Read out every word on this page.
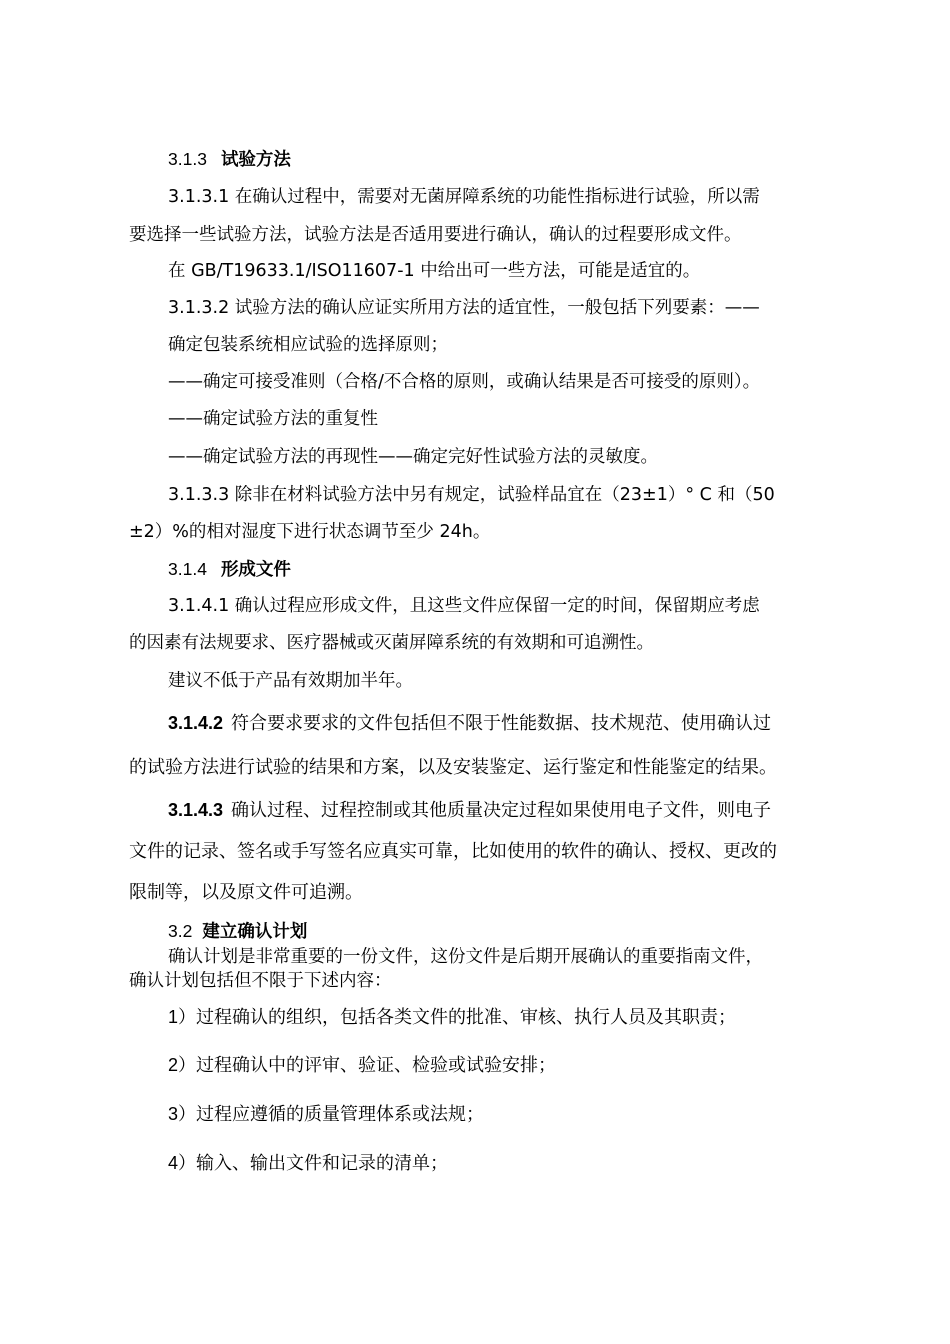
3.1.3 试验方法
3.1.3.1 在确认过程中，需要对无菌屏障系统的功能性指标进行试验，所以需
要选择一些试验方法，试验方法是否适用要进行确认，确认的过程要形成文件。
在 GB/T19633.1/ISO11607-1 中给出可一些方法，可能是适宜的。
3.1.3.2 试验方法的确认应证实所用方法的适宜性，一般包括下列要素：——
确定包装系统相应试验的选择原则；
——确定可接受准则（合格/不合格的原则，或确认结果是否可接受的原则）。
——确定试验方法的重复性
——确定试验方法的再现性——确定完好性试验方法的灵敏度。
3.1.3.3 除非在材料试验方法中另有规定，试验样品宜在（23±1）° C 和（50
±2）%的相对湿度下进行状态调节至少 24h。
3.1.4 形成文件
3.1.4.1 确认过程应形成文件，且这些文件应保留一定的时间，保留期应考虑
的因素有法规要求、医疗器械或灭菌屏障系统的有效期和可追溯性。
建议不低于产品有效期加半年。
3.1.4.2 符合要求要求的文件包括但不限于性能数据、技术规范、使用确认过
的试验方法进行试验的结果和方案，以及安装鉴定、运行鉴定和性能鉴定的结果。
3.1.4.3 确认过程、过程控制或其他质量决定过程如果使用电子文件，则电子
文件的记录、签名或手写签名应真实可靠，比如使用的软件的确认、授权、更改的
限制等，以及原文件可追溯。
3.2 建立确认计划
确认计划是非常重要的一份文件，这份文件是后期开展确认的重要指南文件，
确认计划包括但不限于下述内容：
1）过程确认的组织，包括各类文件的批准、审核、执行人员及其职责；
2）过程确认中的评审、验证、检验或试验安排；
3）过程应遵循的质量管理体系或法规；
4）输入、输出文件和记录的清单；
